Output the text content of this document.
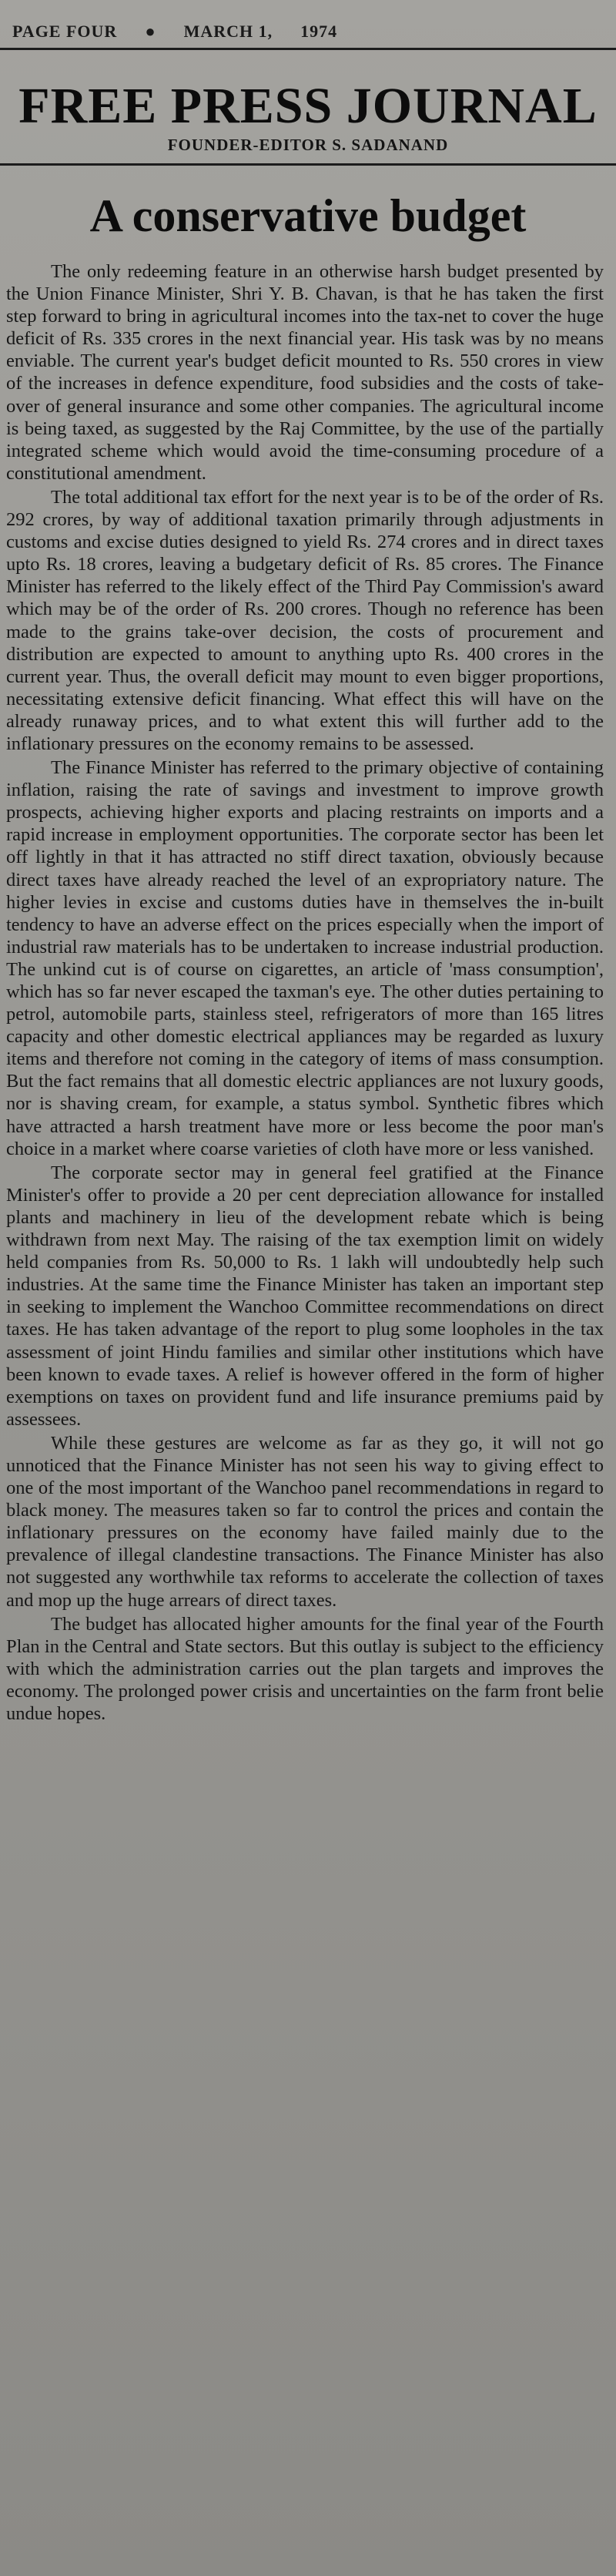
PAGE FOUR ● MARCH 1, 1974
FREE PRESS JOURNAL
FOUNDER-EDITOR S. SADANAND
A conservative budget

The only redeeming feature in an otherwise harsh budget presented by the Union Finance Minister, Shri Y. B. Chavan, is that he has taken the first step forward to bring in agricultural incomes into the tax-net to cover the huge deficit of Rs. 335 crores in the next financial year. His task was by no means enviable. The current year's budget deficit mounted to Rs. 550 crores in view of the increases in defence expenditure, food subsidies and the costs of take-over of general insurance and some other companies. The agricultural income is being taxed, as suggested by the Raj Committee, by the use of the partially integrated scheme which would avoid the time-consuming procedure of a constitutional amendment.

The total additional tax effort for the next year is to be of the order of Rs. 292 crores, by way of additional taxation primarily through adjustments in customs and excise duties designed to yield Rs. 274 crores and in direct taxes upto Rs. 18 crores, leaving a budgetary deficit of Rs. 85 crores. The Finance Minister has referred to the likely effect of the Third Pay Commission's award which may be of the order of Rs. 200 crores. Though no reference has been made to the grains take-over decision, the costs of procurement and distribution are expected to amount to anything upto Rs. 400 crores in the current year. Thus, the overall deficit may mount to even bigger proportions, necessitating extensive deficit financing. What effect this will have on the already runaway prices, and to what extent this will further add to the inflationary pressures on the economy remains to be assessed.

The Finance Minister has referred to the primary objective of containing inflation, raising the rate of savings and investment to improve growth prospects, achieving higher exports and placing restraints on imports and a rapid increase in employment opportunities. The corporate sector has been let off lightly in that it has attracted no stiff direct taxation, obviously because direct taxes have already reached the level of an expropriatory nature. The higher levies in excise and customs duties have in themselves the in-built tendency to have an adverse effect on the prices especially when the import of industrial raw materials has to be undertaken to increase industrial production. The unkind cut is of course on cigarettes, an article of 'mass consumption', which has so far never escaped the taxman's eye. The other duties pertaining to petrol, automobile parts, stainless steel, refrigerators of more than 165 litres capacity and other domestic electrical appliances may be regarded as luxury items and therefore not coming in the category of items of mass consumption. But the fact remains that all domestic electric appliances are not luxury goods, nor is shaving cream, for example, a status symbol. Synthetic fibres which have attracted a harsh treatment have more or less become the poor man's choice in a market where coarse varieties of cloth have more or less vanished.

The corporate sector may in general feel gratified at the Finance Minister's offer to provide a 20 per cent depreciation allowance for installed plants and machinery in lieu of the development rebate which is being withdrawn from next May. The raising of the tax exemption limit on widely held companies from Rs. 50,000 to Rs. 1 lakh will undoubtedly help such industries. At the same time the Finance Minister has taken an important step in seeking to implement the Wanchoo Committee recommendations on direct taxes. He has taken advantage of the report to plug some loopholes in the tax assessment of joint Hindu families and similar other institutions which have been known to evade taxes. A relief is however offered in the form of higher exemptions on taxes on provident fund and life insurance premiums paid by assessees.

While these gestures are welcome as far as they go, it will not go unnoticed that the Finance Minister has not seen his way to giving effect to one of the most important of the Wanchoo panel recommendations in regard to black money. The measures taken so far to control the prices and contain the inflationary pressures on the economy have failed mainly due to the prevalence of illegal clandestine transactions. The Finance Minister has also not suggested any worthwhile tax reforms to accelerate the collection of taxes and mop up the huge arrears of direct taxes.

The budget has allocated higher amounts for the final year of the Fourth Plan in the Central and State sectors. But this outlay is subject to the efficiency with which the administration carries out the plan targets and improves the economy. The prolonged power crisis and uncertainties on the farm front belie undue hopes.
